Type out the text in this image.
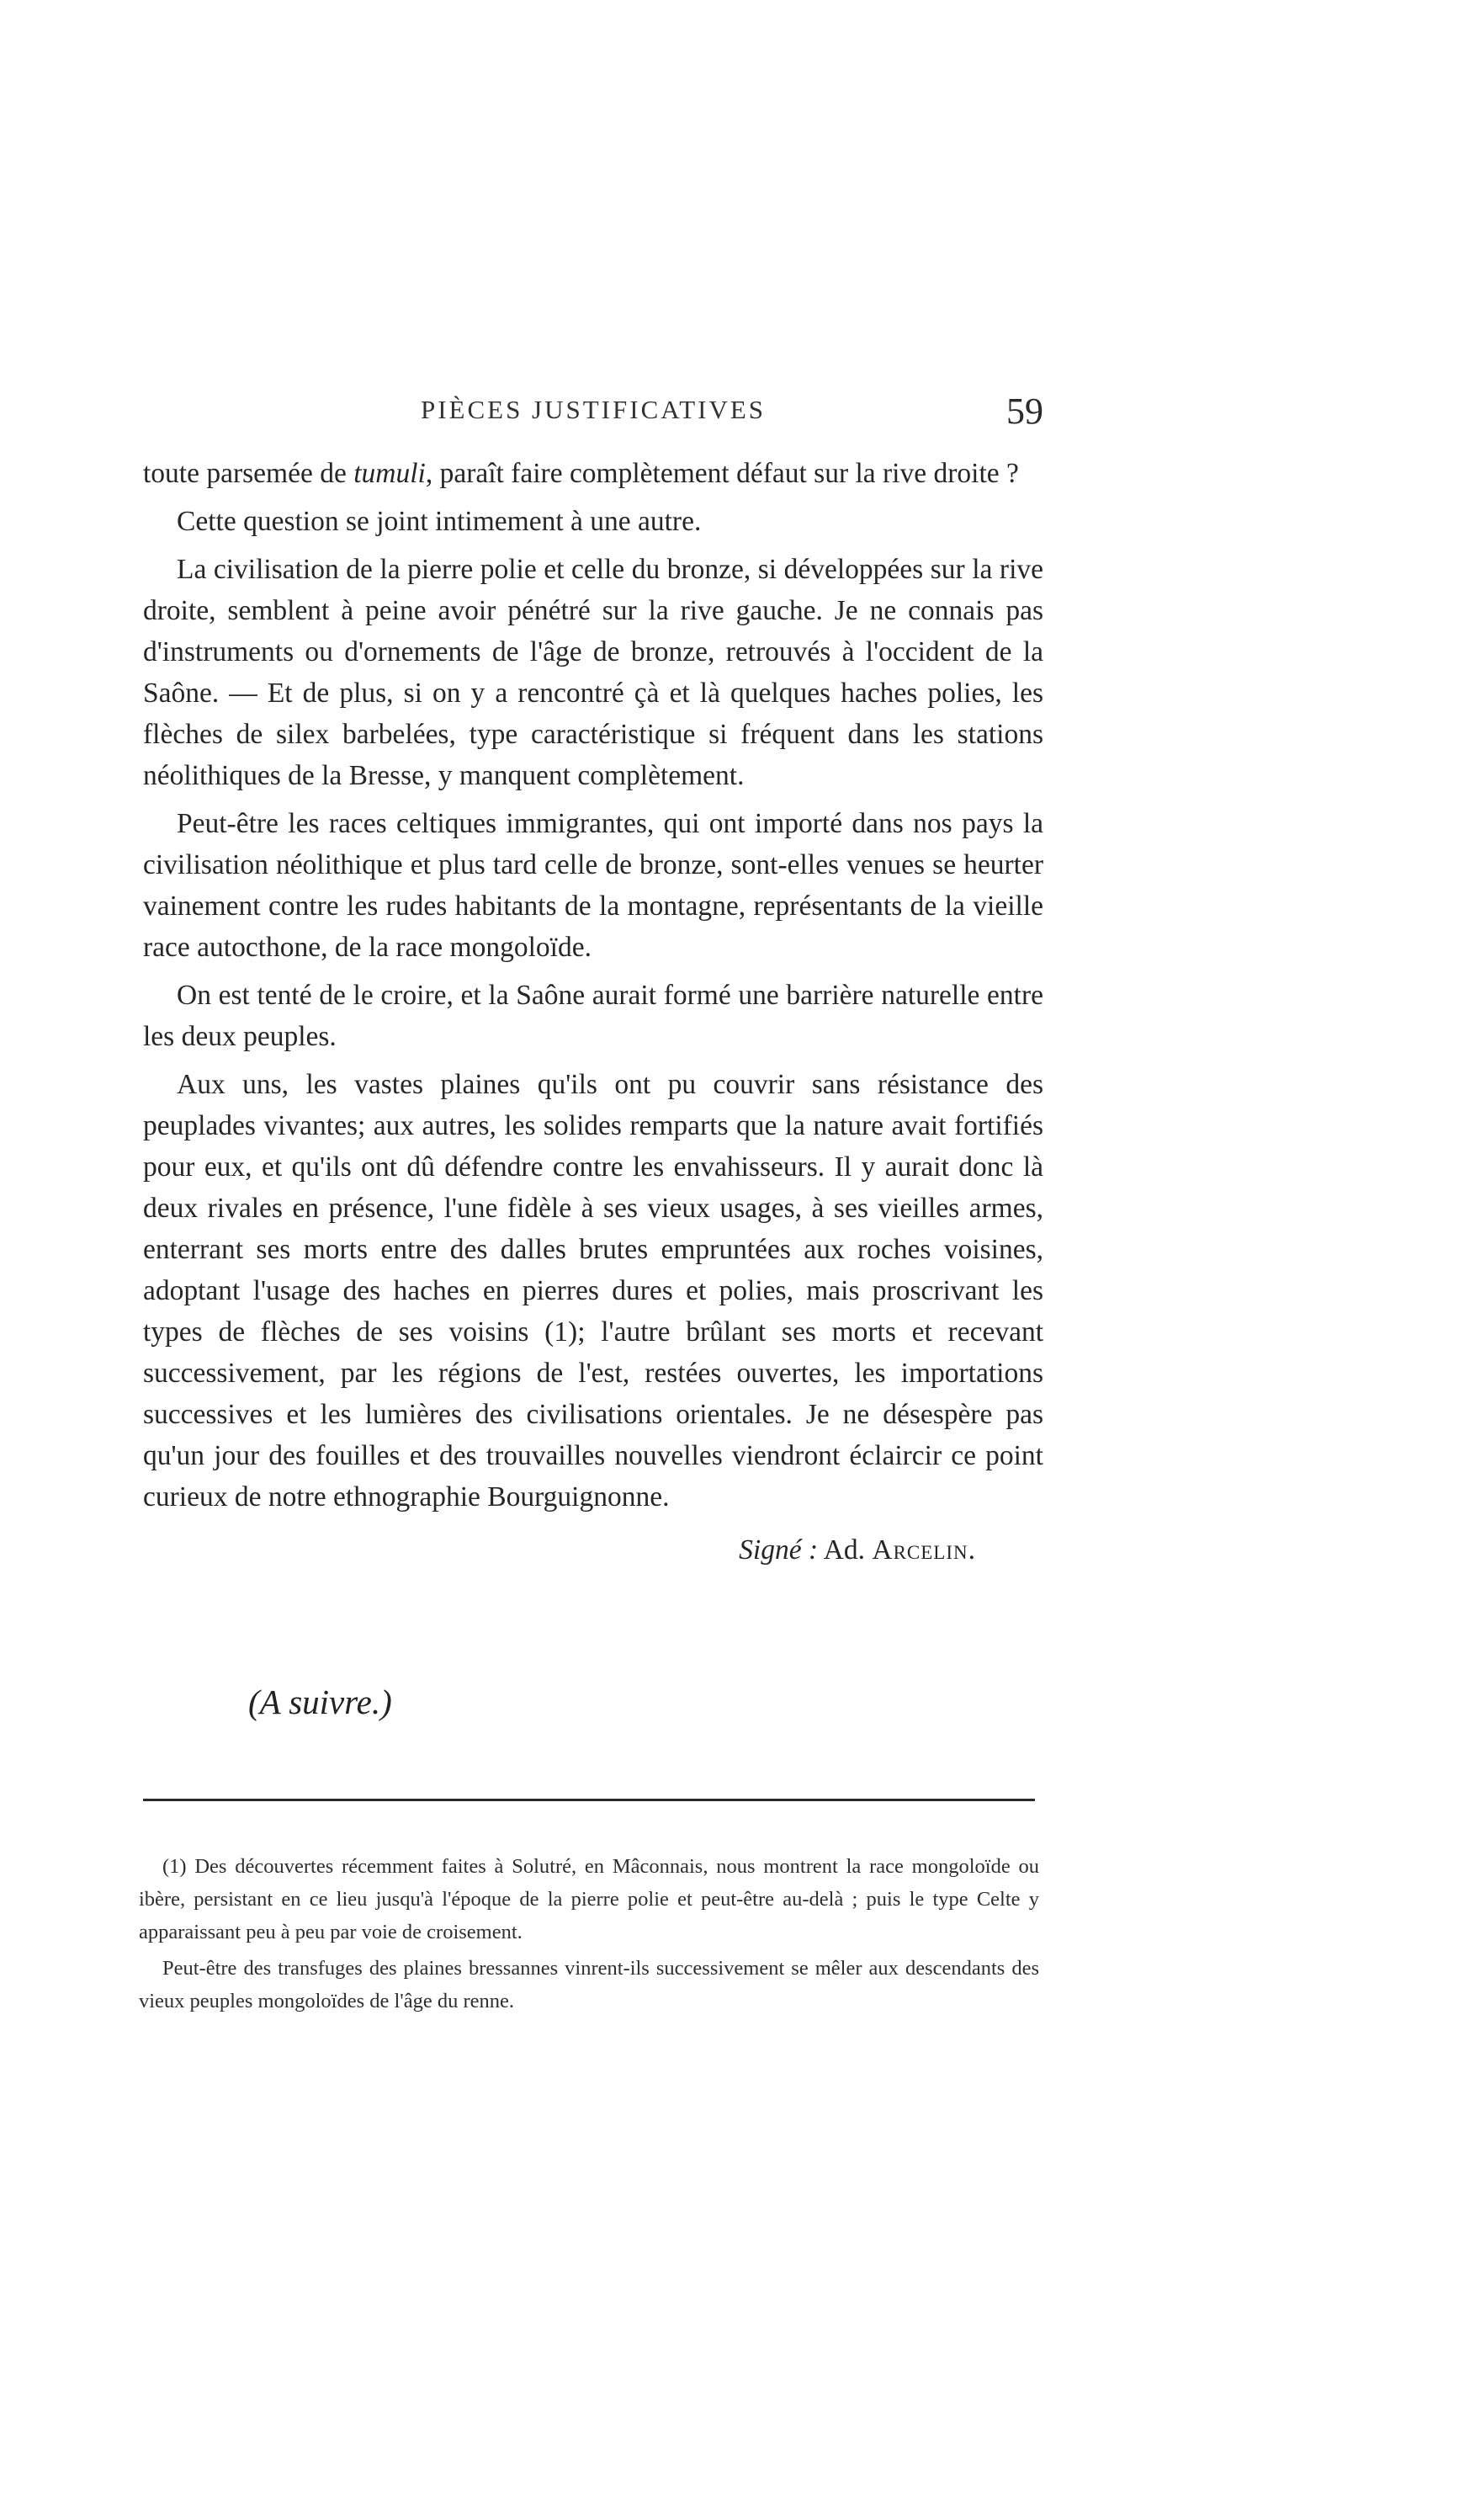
PIÈCES JUSTIFICATIVES	59

toute parsemée de tumuli, paraît faire complètement défaut sur la rive droite ?

Cette question se joint intimement à une autre.

La civilisation de la pierre polie et celle du bronze, si développées sur la rive droite, semblent à peine avoir pénétré sur la rive gauche. Je ne connais pas d'instruments ou d'ornements de l'âge de bronze, retrouvés à l'occident de la Saône. — Et de plus, si on y a rencontré çà et là quelques haches polies, les flèches de silex barbelées, type caractéristique si fréquent dans les stations néolithiques de la Bresse, y manquent complètement.

Peut-être les races celtiques immigrantes, qui ont importé dans nos pays la civilisation néolithique et plus tard celle de bronze, sont-elles venues se heurter vainement contre les rudes habitants de la montagne, représentants de la vieille race autocthone, de la race mongoloïde.

On est tenté de le croire, et la Saône aurait formé une barrière naturelle entre les deux peuples.

Aux uns, les vastes plaines qu'ils ont pu couvrir sans résistance des peuplades vivantes; aux autres, les solides remparts que la nature avait fortifiés pour eux, et qu'ils ont dû défendre contre les envahisseurs. Il y aurait donc là deux rivales en présence, l'une fidèle à ses vieux usages, à ses vieilles armes, enterrant ses morts entre des dalles brutes empruntées aux roches voisines, adoptant l'usage des haches en pierres dures et polies, mais proscrivant les types de flèches de ses voisins (1); l'autre brûlant ses morts et recevant successivement, par les régions de l'est, restées ouvertes, les importations successives et les lumières des civilisations orientales. Je ne désespère pas qu'un jour des fouilles et des trouvailles nouvelles viendront éclaircir ce point curieux de notre ethnographie Bourguignonne.

Signé : Ad. Arcelin.

(A suivre.)

(1) Des découvertes récemment faites à Solutré, en Mâconnais, nous montrent la race mongoloïde ou ibère, persistant en ce lieu jusqu'à l'époque de la pierre polie et peut-être au-delà ; puis le type Celte y apparaissant peu à peu par voie de croisement.

Peut-être des transfuges des plaines bressannes vinrent-ils successivement se mêler aux descendants des vieux peuples mongoloïdes de l'âge du renne.
